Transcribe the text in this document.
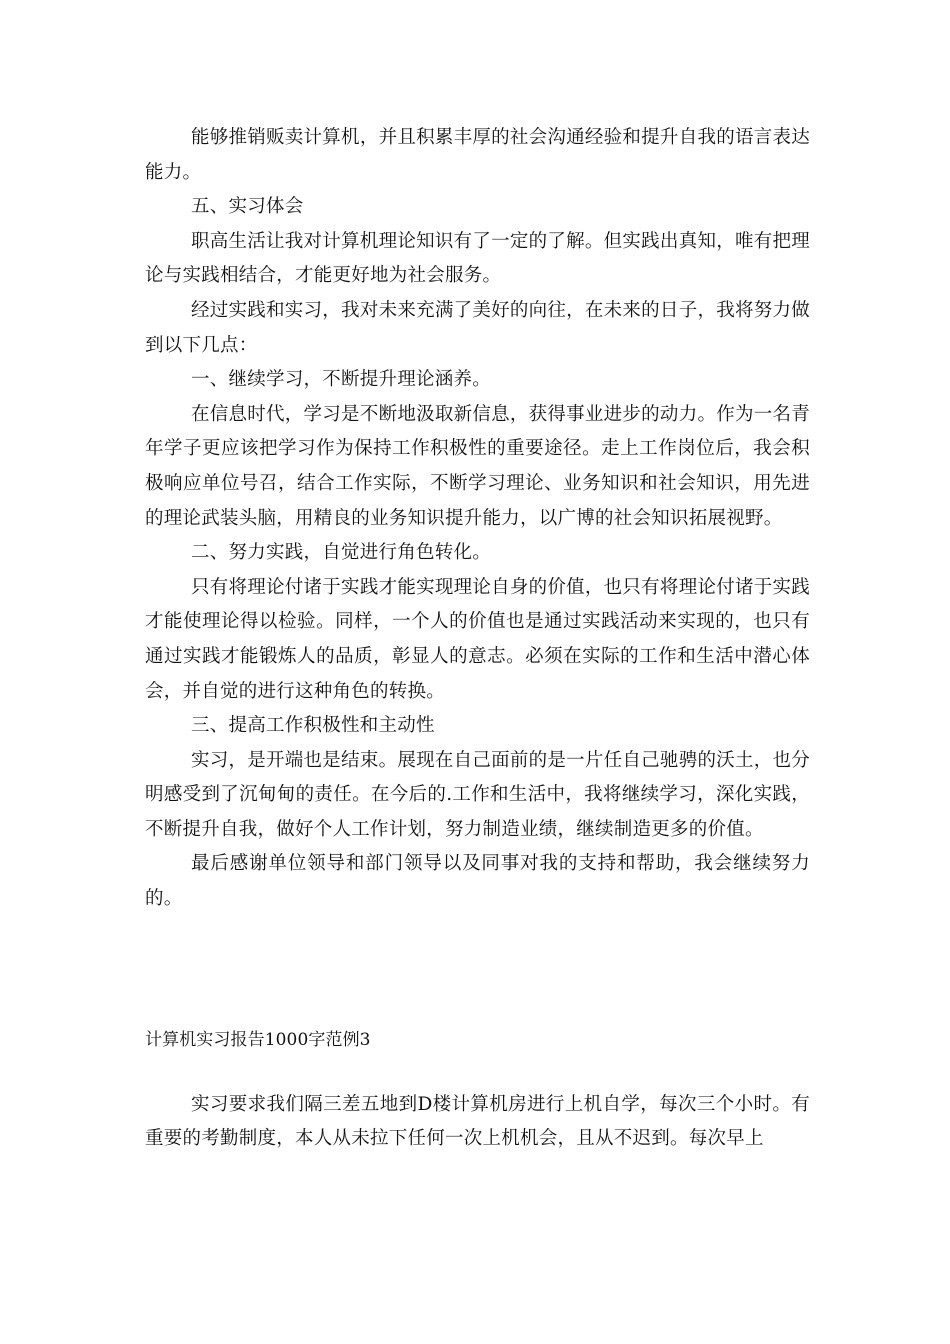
能够推销贩卖计算机，并且积累丰厚的社会沟通经验和提升自我的语言表达能力。

五、实习体会

职高生活让我对计算机理论知识有了一定的了解。但实践出真知，唯有把理论与实践相结合，才能更好地为社会服务。

经过实践和实习，我对未来充满了美好的向往，在未来的日子，我将努力做到以下几点：

一、继续学习，不断提升理论涵养。

在信息时代，学习是不断地汲取新信息，获得事业进步的动力。作为一名青年学子更应该把学习作为保持工作积极性的重要途径。走上工作岗位后，我会积极响应单位号召，结合工作实际，不断学习理论、业务知识和社会知识，用先进的理论武装头脑，用精良的业务知识提升能力，以广博的社会知识拓展视野。

二、努力实践，自觉进行角色转化。

只有将理论付诸于实践才能实现理论自身的价值，也只有将理论付诸于实践才能使理论得以检验。同样，一个人的价值也是通过实践活动来实现的，也只有通过实践才能锻炼人的品质，彰显人的意志。必须在实际的工作和生活中潜心体会，并自觉的进行这种角色的转换。

三、提高工作积极性和主动性

实习，是开端也是结束。展现在自己面前的是一片任自己驰骋的沃土，也分明感受到了沉甸甸的责任。在今后的.工作和生活中，我将继续学习，深化实践，不断提升自我，做好个人工作计划，努力制造业绩，继续制造更多的价值。

最后感谢单位领导和部门领导以及同事对我的支持和帮助，我会继续努力的。

计算机实习报告1000字范例3

实习要求我们隔三差五地到D楼计算机房进行上机自学，每次三个小时。有重要的考勤制度，本人从未拉下任何一次上机机会，且从不迟到。每次早上
